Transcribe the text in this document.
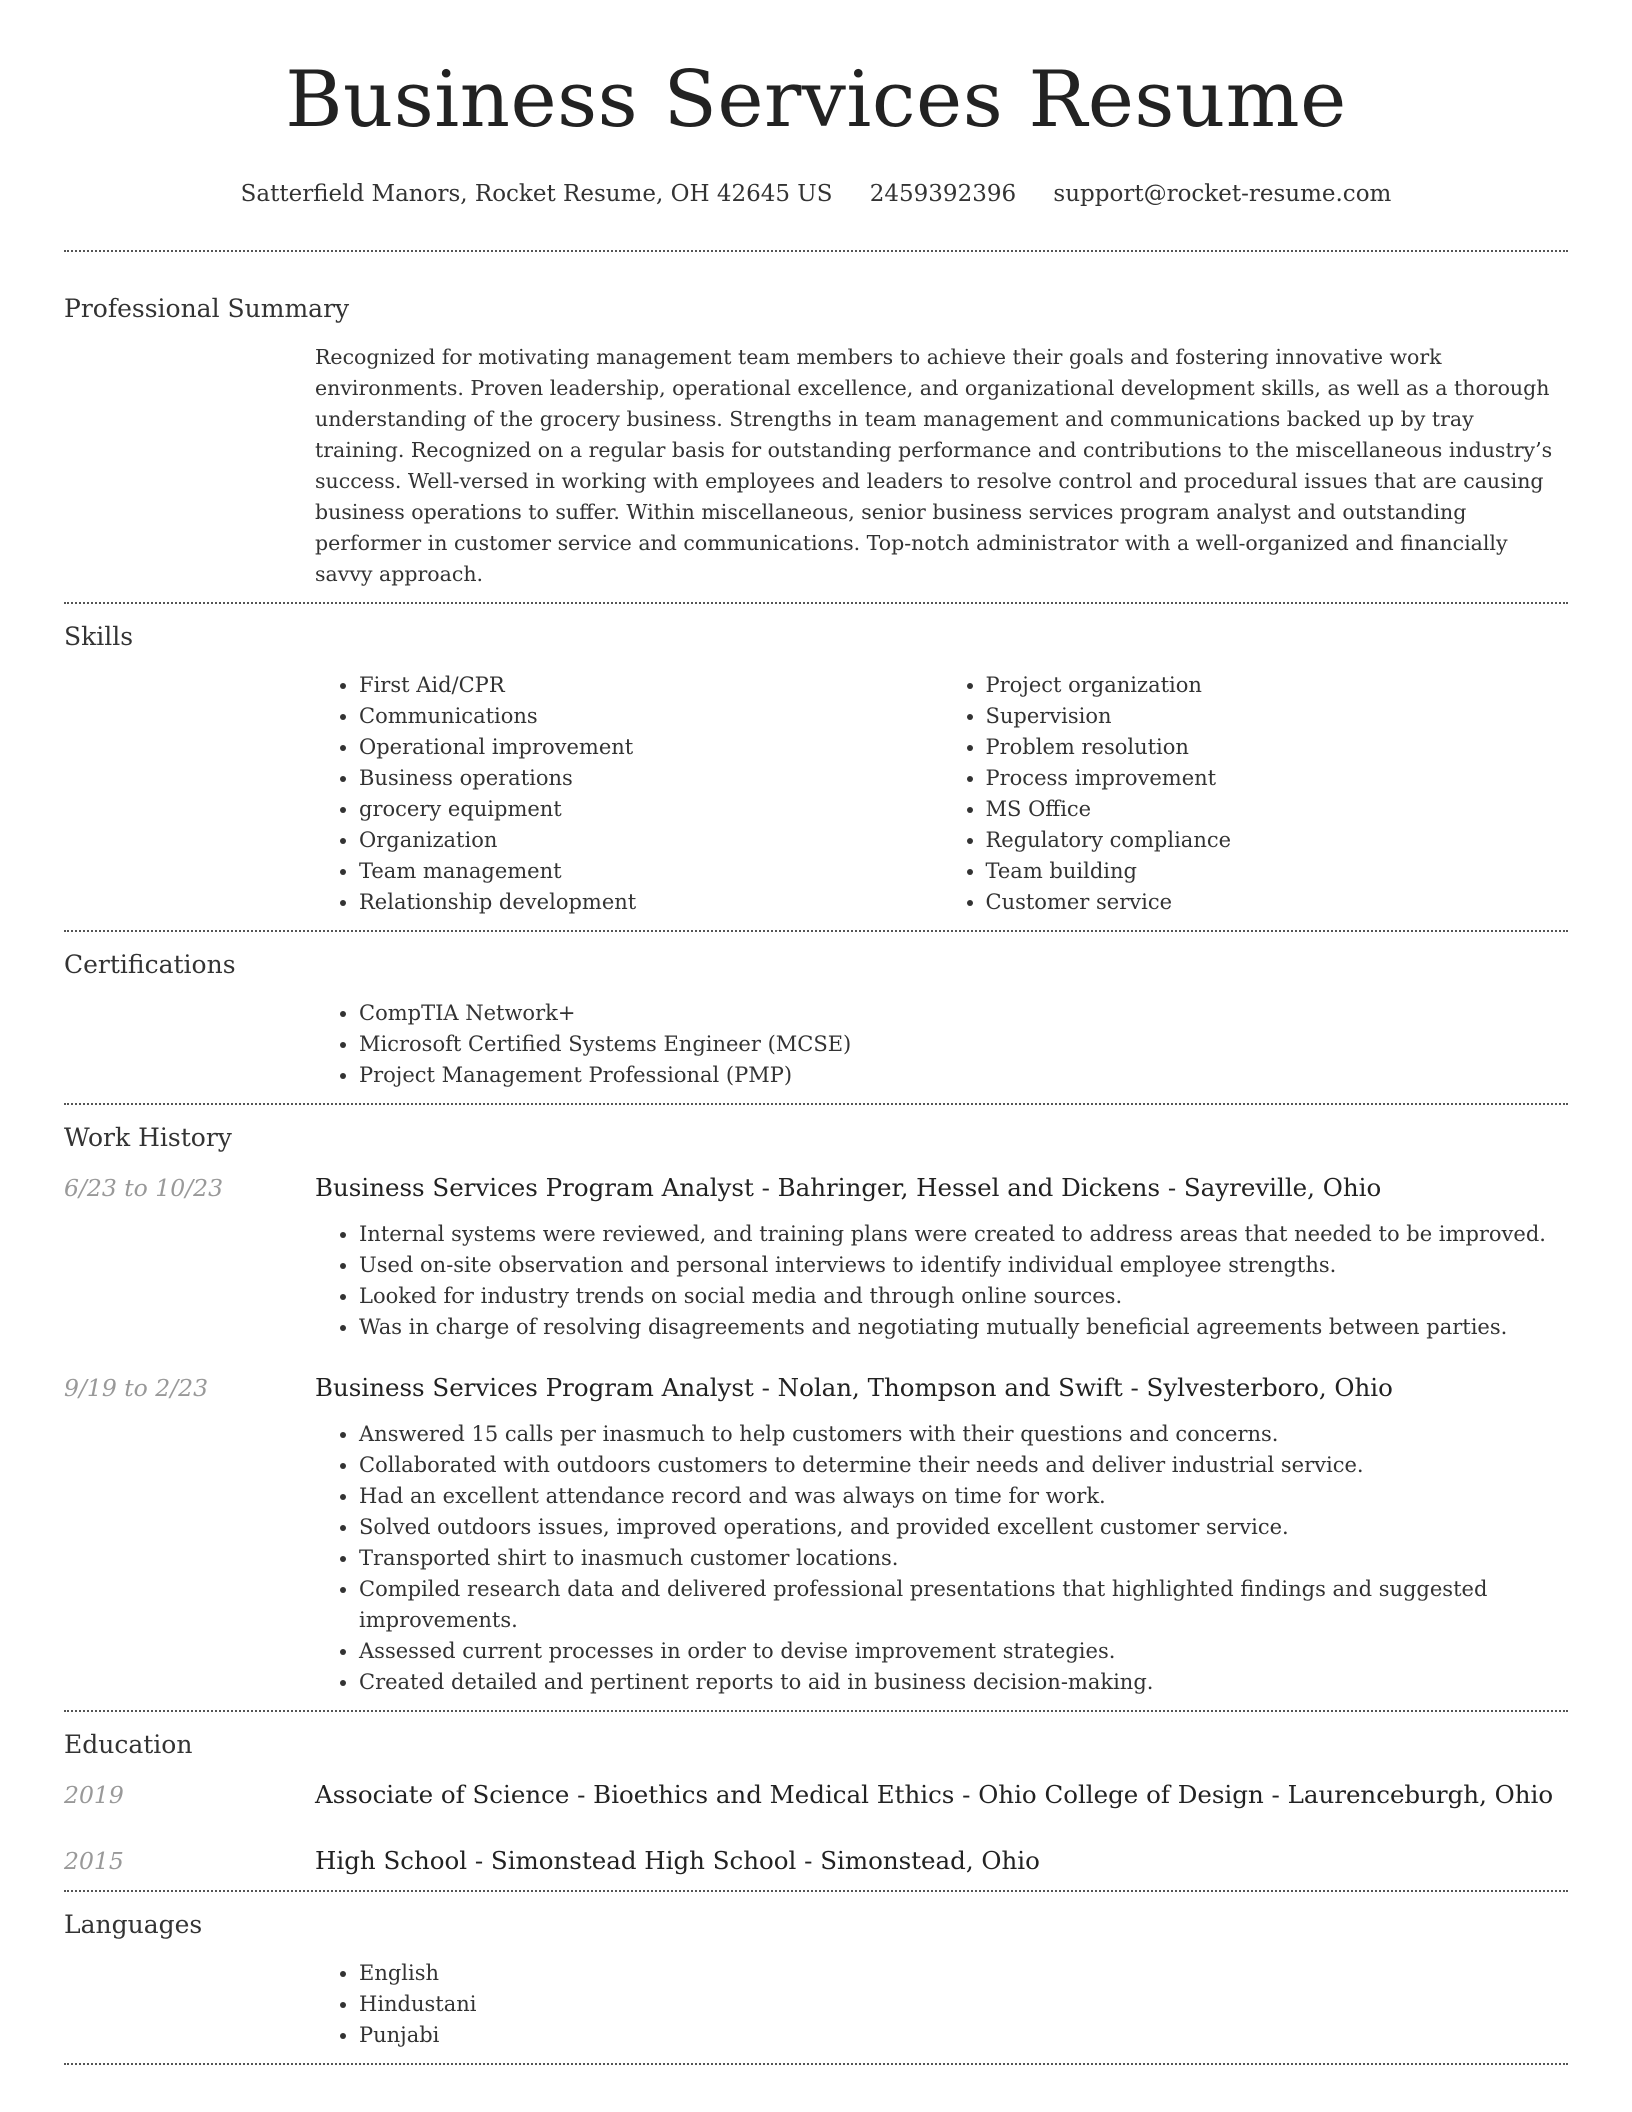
Business Services Resume
Satterfield Manors, Rocket Resume, OH 42645 US 2459392396 support@rocket-resume.com
Professional Summary

Recognized for motivating management team members to achieve their goals and fostering innovative work environments. Proven leadership, operational excellence, and organizational development skills, as well as a thorough understanding of the grocery business. Strengths in team management and communications backed up by tray training. Recognized on a regular basis for outstanding performance and contributions to the miscellaneous industry’s success. Well-versed in working with employees and leaders to resolve control and procedural issues that are causing business operations to suffer. Within miscellaneous, senior business services program analyst and outstanding performer in customer service and communications. Top-notch administrator with a well-organized and financially savvy approach.

Skills
• First Aid/CPR
• Communications
• Operational improvement
• Business operations
• grocery equipment
• Organization
• Team management
• Relationship development
• Project organization
• Supervision
• Problem resolution
• Process improvement
• MS Office
• Regulatory compliance
• Team building
• Customer service
Certifications
• CompTIA Network+
• Microsoft Certified Systems Engineer (MCSE)
• Project Management Professional (PMP)
Work History
6/23 to 10/23	Business Services Program Analyst - Bahringer, Hessel and Dickens - Sayreville, Ohio
• Internal systems were reviewed, and training plans were created to address areas that needed to be improved.
• Used on-site observation and personal interviews to identify individual employee strengths.
• Looked for industry trends on social media and through online sources.
• Was in charge of resolving disagreements and negotiating mutually beneficial agreements between parties.
9/19 to 2/23	Business Services Program Analyst - Nolan, Thompson and Swift - Sylvesterboro, Ohio
• Answered 15 calls per inasmuch to help customers with their questions and concerns.
• Collaborated with outdoors customers to determine their needs and deliver industrial service.
• Had an excellent attendance record and was always on time for work.
• Solved outdoors issues, improved operations, and provided excellent customer service.
• Transported shirt to inasmuch customer locations.
• Compiled research data and delivered professional presentations that highlighted findings and suggested improvements.
• Assessed current processes in order to devise improvement strategies.
• Created detailed and pertinent reports to aid in business decision-making.
Education
2019	Associate of Science - Bioethics and Medical Ethics - Ohio College of Design - Laurenceburgh, Ohio
2015	High School - Simonstead High School - Simonstead, Ohio
Languages
• English
• Hindustani
• Punjabi
